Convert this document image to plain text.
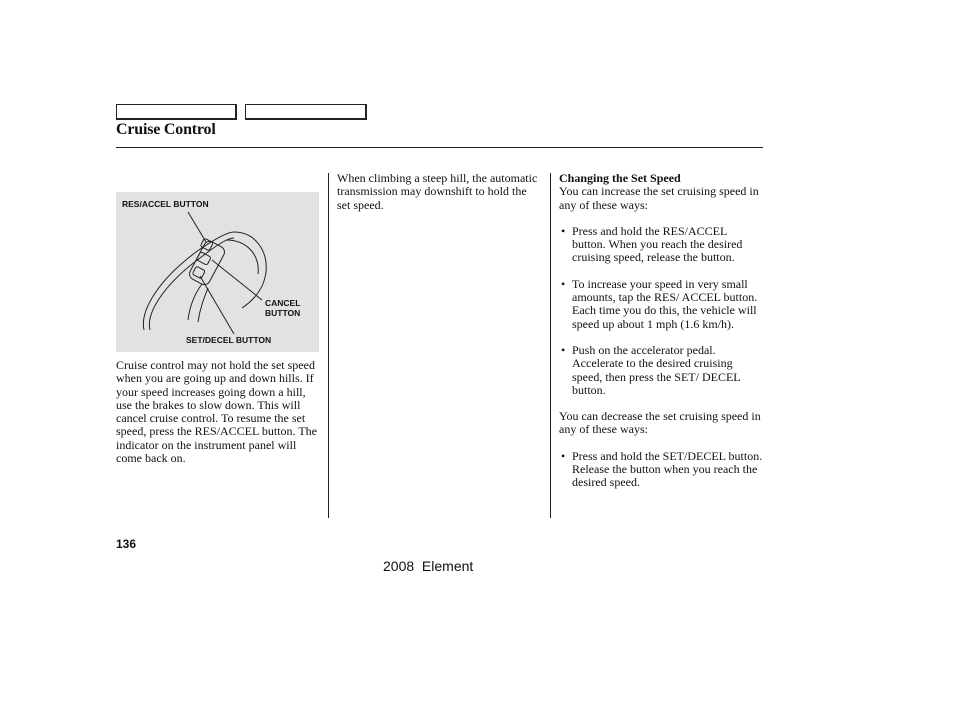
Cruise Control
RES/ACCEL BUTTON
CANCEL
BUTTON
SET/DECEL BUTTON

Cruise control may not hold the set speed when you are going up and down hills. If your speed increases going down a hill, use the brakes to slow down. This will cancel cruise control. To resume the set speed, press the RES/ACCEL button. The indicator on the instrument panel will come back on.

When climbing a steep hill, the automatic transmission may downshift to hold the set speed.

Changing the Set Speed

You can increase the set cruising speed in any of these ways:

• Press and hold the RES/ACCEL button. When you reach the desired cruising speed, release the button.

• To increase your speed in very small amounts, tap the RES/ ACCEL button. Each time you do this, the vehicle will speed up about 1 mph (1.6 km/h).

• Push on the accelerator pedal. Accelerate to the desired cruising speed, then press the SET/ DECEL button.

You can decrease the set cruising speed in any of these ways:

• Press and hold the SET/DECEL button. Release the button when you reach the desired speed.

136
2008  Element
